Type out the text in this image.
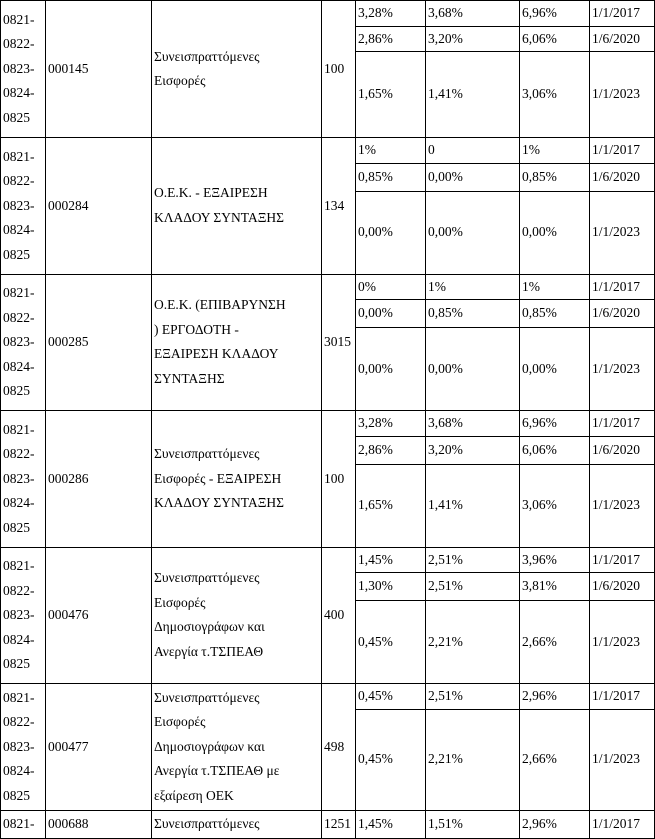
0821-
0822-
0823-
0824-
0825	000145	Συνεισπραττόμενες
Εισφορές	100	3,28%	3,68%	6,96%	1/1/2017
				2,86%	3,20%	6,06%	1/6/2020
				1,65%	1,41%	3,06%	1/1/2023

0821-
0822-
0823-
0824-
0825	000284	Ο.Ε.Κ. - ΕΞΑΙΡΕΣΗ
ΚΛΑΔΟΥ ΣΥΝΤΑΞΗΣ	134	1%	0	1%	1/1/2017
				0,85%	0,00%	0,85%	1/6/2020
				0,00%	0,00%	0,00%	1/1/2023

0821-
0822-
0823-
0824-
0825	000285	Ο.Ε.Κ. (ΕΠΙΒΑΡΥΝΣΗ
) ΕΡΓΟΔΟΤΗ -
ΕΞΑΙΡΕΣΗ ΚΛΑΔΟΥ
ΣΥΝΤΑΞΗΣ	3015	0%	1%	1%	1/1/2017
				0,00%	0,85%	0,85%	1/6/2020
				0,00%	0,00%	0,00%	1/1/2023

0821-
0822-
0823-
0824-
0825	000286	Συνεισπραττόμενες
Εισφορές - ΕΞΑΙΡΕΣΗ
ΚΛΑΔΟΥ ΣΥΝΤΑΞΗΣ	100	3,28%	3,68%	6,96%	1/1/2017
				2,86%	3,20%	6,06%	1/6/2020
				1,65%	1,41%	3,06%	1/1/2023

0821-
0822-
0823-
0824-
0825	000476	Συνεισπραττόμενες
Εισφορές
Δημοσιογράφων και
Ανεργία τ.ΤΣΠΕΑΘ	400	1,45%	2,51%	3,96%	1/1/2017
				1,30%	2,51%	3,81%	1/6/2020
				0,45%	2,21%	2,66%	1/1/2023

0821-
0822-
0823-
0824-
0825	000477	Συνεισπραττόμενες
Εισφορές
Δημοσιογράφων και
Ανεργία τ.ΤΣΠΕΑΘ με
εξαίρεση ΟΕΚ	498	0,45%	2,51%	2,96%	1/1/2017
				0,45%	2,21%	2,66%	1/1/2023

0821-	000688	Συνεισπραττόμενες	1251	1,45%	1,51%	2,96%	1/1/2017
